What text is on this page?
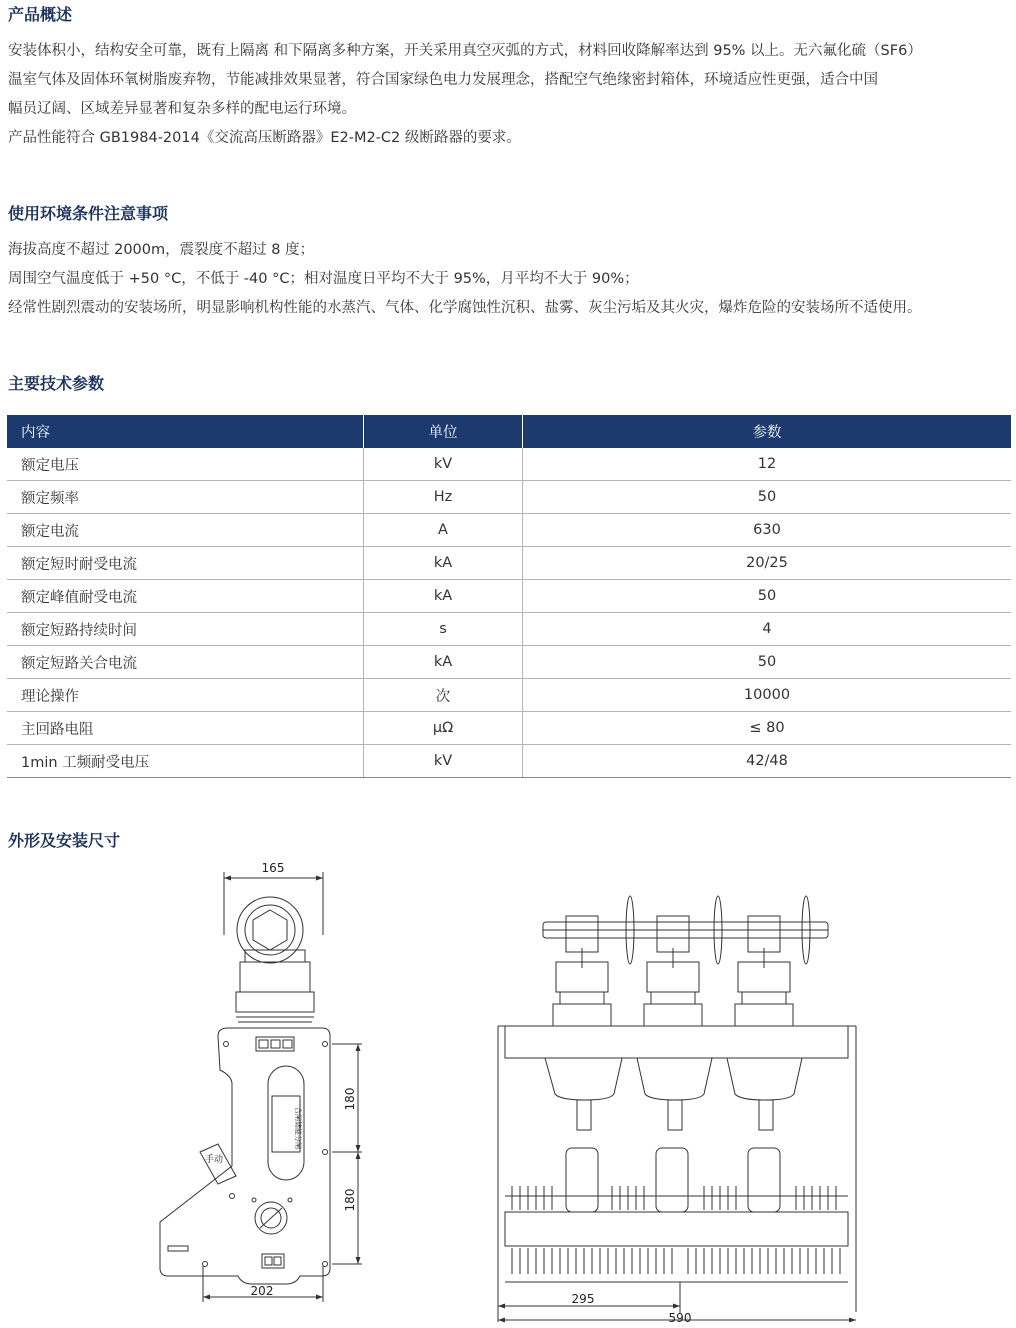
产品概述
安装体积小，结构安全可靠，既有上隔离 和下隔离多种方案，开关采用真空灭弧的方式，材料回收降解率达到 95% 以上。无六氟化硫（SF6）
温室气体及固体环氧树脂废弃物，节能减排效果显著，符合国家绿色电力发展理念，搭配空气绝缘密封箱体，环境适应性更强，适合中国
幅员辽阔、区域差异显著和复杂多样的配电运行环境。
产品性能符合 GB1984-2014《交流高压断路器》E2-M2-C2 级断路器的要求。
使用环境条件注意事项
海拔高度不超过 2000m，震裂度不超过 8 度；
周围空气温度低于 +50 °C，不低于 -40 °C；相对温度日平均不大于 95%，月平均不大于 90%；
经常性剧烈震动的安装场所，明显影响机构性能的水蒸汽、气体、化学腐蚀性沉积、盐雾、灰尘污垢及其火灾，爆炸危险的安装场所不适使用。
主要技术参数
内容	单位	参数
额定电压	kV	12
额定频率	Hz	50
额定电流	A	630
额定短时耐受电流	kA	20/25
额定峰值耐受电流	kA	50
额定短路持续时间	s	4
额定短路关合电流	kA	50
理论操作	次	10000
主回路电阻	μΩ	≤ 80
1min 工频耐受电压	kV	42/48
外形及安装尺寸
165
180
180
202
手动
合闸储能分闸
295
590
